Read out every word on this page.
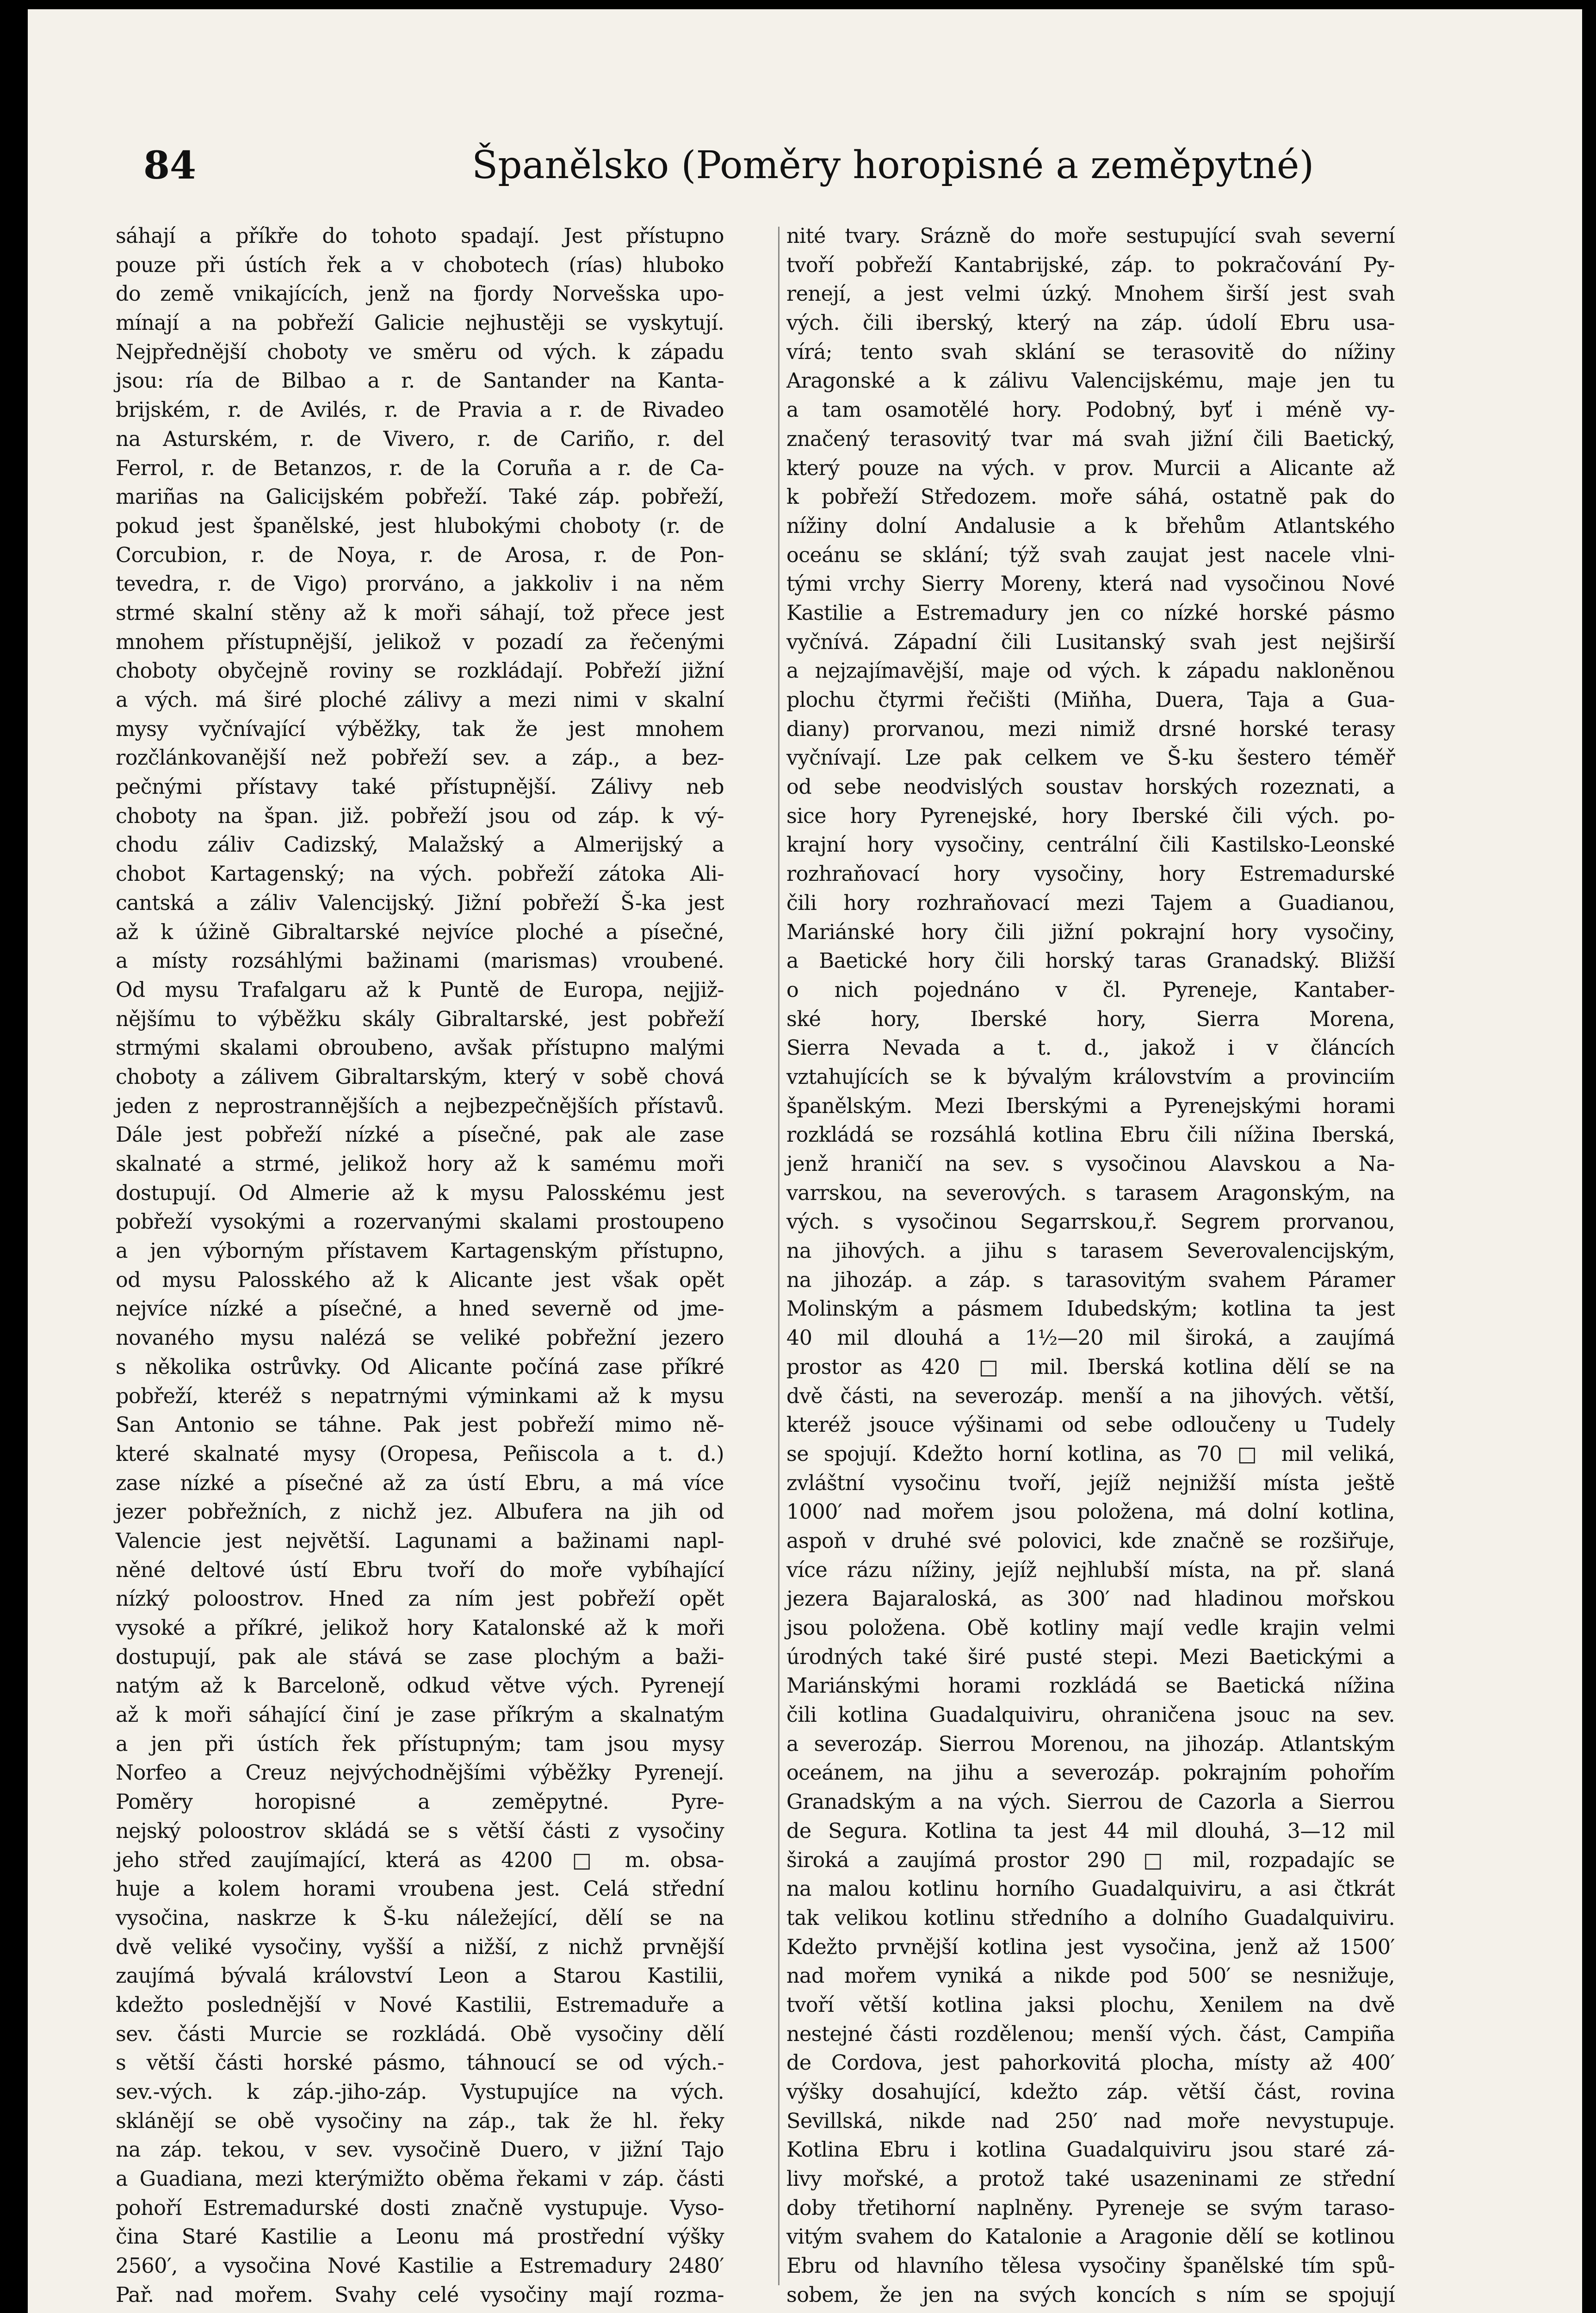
84	Španělsko (Poměry horopisné a zeměpytné)
sáhají a příkře do tohoto spadají. Jest přístupno
pouze při ústích řek a v chobotech (rías) hluboko
do země vnikajících, jenž na fjordy Norvešska upo-
mínají a na pobřeží Galicie nejhustěji se vyskytují.
Nejpřednější choboty ve směru od vých. k západu
jsou: ría de Bilbao a r. de Santander na Kanta-
brijském, r. de Avilés, r. de Pravia a r. de Rivadeo
na Asturském, r. de Vivero, r. de Cariño, r. del
Ferrol, r. de Betanzos, r. de la Coruña a r. de Ca-
mariñas na Galicijském pobřeží. Také záp. pobřeží,
pokud jest španělské, jest hlubokými choboty (r. de
Corcubion, r. de Noya, r. de Arosa, r. de Pon-
tevedra, r. de Vigo) prorváno, a jakkoliv i na něm
strmé skalní stěny až k moři sáhají, tož přece jest
mnohem přístupnější, jelikož v pozadí za řečenými
choboty obyčejně roviny se rozkládají. Pobřeží jižní
a vých. má širé ploché zálivy a mezi nimi v skalní
mysy vyčnívající výběžky, tak že jest mnohem
rozčlánkovanější než pobřeží sev. a záp., a bez-
pečnými přístavy také přístupnější. Zálivy neb
choboty na špan. již. pobřeží jsou od záp. k vý-
chodu záliv Cadizský, Malažský a Almerijský a
chobot Kartagenský; na vých. pobřeží zátoka Ali-
cantská a záliv Valencijský. Jižní pobřeží Š-ka jest
až k úžině Gibraltarské nejvíce ploché a písečné,
a místy rozsáhlými bažinami (marismas) vroubené.
Od mysu Trafalgaru až k Puntě de Europa, nejjiž-
nějšímu to výběžku skály Gibraltarské, jest pobřeží
strmými skalami obroubeno, avšak přístupno malými
choboty a zálivem Gibraltarským, který v sobě chová
jeden z neprostrannějších a nejbezpečnějších přístavů.
Dále jest pobřeží nízké a písečné, pak ale zase
skalnaté a strmé, jelikož hory až k samému moři
dostupují. Od Almerie až k mysu Palosskému jest
pobřeží vysokými a rozervanými skalami prostoupeno
a jen výborným přístavem Kartagenským přístupno,
od mysu Palosského až k Alicante jest však opět
nejvíce nízké a písečné, a hned severně od jme-
novaného mysu nalézá se veliké pobřežní jezero
s několika ostrůvky. Od Alicante počíná zase příkré
pobřeží, kteréž s nepatrnými výminkami až k mysu
San Antonio se táhne. Pak jest pobřeží mimo ně-
které skalnaté mysy (Oropesa, Peñiscola a t. d.)
zase nízké a písečné až za ústí Ebru, a má více
jezer pobřežních, z nichž jez. Albufera na jih od
Valencie jest největší. Lagunami a bažinami napl-
něné deltové ústí Ebru tvoří do moře vybíhající
nízký poloostrov. Hned za ním jest pobřeží opět
vysoké a příkré, jelikož hory Katalonské až k moři
dostupují, pak ale stává se zase plochým a baži-
natým až k Barceloně, odkud větve vých. Pyrenejí
až k moři sáhající činí je zase příkrým a skalnatým
a jen při ústích řek přístupným; tam jsou mysy
Norfeo a Creuz nejvýchodnějšími výběžky Pyrenejí.
Poměry horopisné a zeměpytné. Pyre-
nejský poloostrov skládá se s větší části z vysočiny
jeho střed zaujímající, která as 4200 □ m. obsa-
huje a kolem horami vroubena jest. Celá střední
vysočina, naskrze k Š-ku náležející, dělí se na
dvě veliké vysočiny, vyšší a nižší, z nichž prvnější
zaujímá bývalá království Leon a Starou Kastilii,
kdežto poslednější v Nové Kastilii, Estremaduře a
sev. části Murcie se rozkládá. Obě vysočiny dělí
s větší části horské pásmo, táhnoucí se od vých.-
sev.-vých. k záp.-jiho-záp. Vystupujíce na vých.
sklánějí se obě vysočiny na záp., tak že hl. řeky
na záp. tekou, v sev. vysočině Duero, v jižní Tajo
a Guadiana, mezi kterýmižto oběma řekami v záp. části
pohoří Estremadurské dosti značně vystupuje. Vyso-
čina Staré Kastilie a Leonu má prostřední výšky
2560′, a vysočina Nové Kastilie a Estremadury 2480′
Pař. nad mořem. Svahy celé vysočiny mají rozma-
nité tvary. Srázně do moře sestupující svah severní
tvoří pobřeží Kantabrijské, záp. to pokračování Py-
renejí, a jest velmi úzký. Mnohem širší jest svah
vých. čili iberský, který na záp. údolí Ebru usa-
vírá; tento svah sklání se terasovitě do nížiny
Aragonské a k zálivu Valencijskému, maje jen tu
a tam osamotělé hory. Podobný, byť i méně vy-
značený terasovitý tvar má svah jižní čili Baetický,
který pouze na vých. v prov. Murcii a Alicante až
k pobřeží Středozem. moře sáhá, ostatně pak do
nížiny dolní Andalusie a k břehům Atlantského
oceánu se sklání; týž svah zaujat jest nacele vlni-
tými vrchy Sierry Moreny, která nad vysočinou Nové
Kastilie a Estremadury jen co nízké horské pásmo
vyčnívá. Západní čili Lusitanský svah jest nejširší
a nejzajímavější, maje od vých. k západu nakloněnou
plochu čtyrmi řečišti (Miňha, Duera, Taja a Gua-
diany) prorvanou, mezi nimiž drsné horské terasy
vyčnívají. Lze pak celkem ve Š-ku šestero téměř
od sebe neodvislých soustav horských rozeznati, a
sice hory Pyrenejské, hory Iberské čili vých. po-
krajní hory vysočiny, centrální čili Kastilsko-Leonské
rozhraňovací hory vysočiny, hory Estremadurské
čili hory rozhraňovací mezi Tajem a Guadianou,
Mariánské hory čili jižní pokrajní hory vysočiny,
a Baetické hory čili horský taras Granadský. Bližší
o nich pojednáno v čl. Pyreneje, Kantaber-
ské hory, Iberské hory, Sierra Morena,
Sierra Nevada a t. d., jakož i v článcích
vztahujících se k bývalým královstvím a provinciím
španělským. Mezi Iberskými a Pyrenejskými horami
rozkládá se rozsáhlá kotlina Ebru čili nížina Iberská,
jenž hraničí na sev. s vysočinou Alavskou a Na-
varrskou, na severových. s tarasem Aragonským, na
vých. s vysočinou Segarrskou,ř. Segrem prorvanou,
na jihových. a jihu s tarasem Severovalencijským,
na jihozáp. a záp. s tarasovitým svahem Páramer
Molinským a pásmem Idubedským; kotlina ta jest
40 mil dlouhá a 1½—20 mil široká, a zaujímá
prostor as 420 □ mil. Iberská kotlina dělí se na
dvě části, na severozáp. menší a na jihových. větší,
kteréž jsouce výšinami od sebe odloučeny u Tudely
se spojují. Kdežto horní kotlina, as 70 □ mil veliká,
zvláštní vysočinu tvoří, jejíž nejnižší místa ještě
1000′ nad mořem jsou položena, má dolní kotlina,
aspoň v druhé své polovici, kde značně se rozšiřuje,
více rázu nížiny, jejíž nejhlubší místa, na př. slaná
jezera Bajaraloská, as 300′ nad hladinou mořskou
jsou položena. Obě kotliny mají vedle krajin velmi
úrodných také širé pusté stepi. Mezi Baetickými a
Mariánskými horami rozkládá se Baetická nížina
čili kotlina Guadalquiviru, ohraničena jsouc na sev.
a severozáp. Sierrou Morenou, na jihozáp. Atlantským
oceánem, na jihu a severozáp. pokrajním pohořím
Granadským a na vých. Sierrou de Cazorla a Sierrou
de Segura. Kotlina ta jest 44 mil dlouhá, 3—12 mil
široká a zaujímá prostor 290 □ mil, rozpadajíc se
na malou kotlinu horního Guadalquiviru, a asi čtkrát
tak velikou kotlinu středního a dolního Guadalquiviru.
Kdežto prvnější kotlina jest vysočina, jenž až 1500′
nad mořem vyniká a nikde pod 500′ se nesnižuje,
tvoří větší kotlina jaksi plochu, Xenilem na dvě
nestejné části rozdělenou; menší vých. část, Campiña
de Cordova, jest pahorkovitá plocha, místy až 400′
výšky dosahující, kdežto záp. větší část, rovina
Sevillská, nikde nad 250′ nad moře nevystupuje.
Kotlina Ebru i kotlina Guadalquiviru jsou staré zá-
livy mořské, a protož také usazeninami ze střední
doby třetihorní naplněny. Pyreneje se svým taraso-
vitým svahem do Katalonie a Aragonie dělí se kotlinou
Ebru od hlavního tělesa vysočiny španělské tím spů-
sobem, že jen na svých koncích s ním se spojují
